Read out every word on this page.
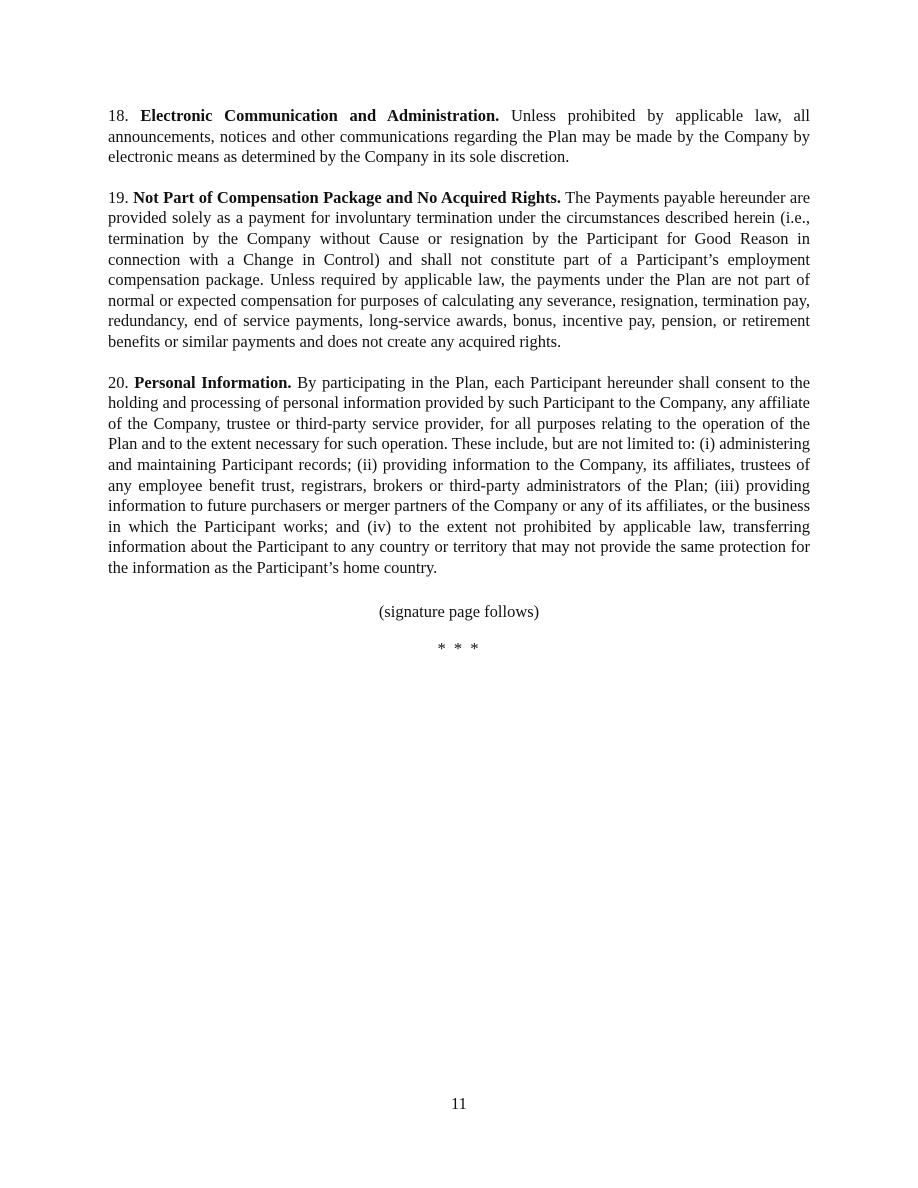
18. Electronic Communication and Administration. Unless prohibited by applicable law, all announcements, notices and other communications regarding the Plan may be made by the Company by electronic means as determined by the Company in its sole discretion.

19. Not Part of Compensation Package and No Acquired Rights. The Payments payable hereunder are provided solely as a payment for involuntary termination under the circumstances described herein (i.e., termination by the Company without Cause or resignation by the Participant for Good Reason in connection with a Change in Control) and shall not constitute part of a Participant’s employment compensation package. Unless required by applicable law, the payments under the Plan are not part of normal or expected compensation for purposes of calculating any severance, resignation, termination pay, redundancy, end of service payments, long-service awards, bonus, incentive pay, pension, or retirement benefits or similar payments and does not create any acquired rights.

20. Personal Information. By participating in the Plan, each Participant hereunder shall consent to the holding and processing of personal information provided by such Participant to the Company, any affiliate of the Company, trustee or third-party service provider, for all purposes relating to the operation of the Plan and to the extent necessary for such operation. These include, but are not limited to: (i) administering and maintaining Participant records; (ii) providing information to the Company, its affiliates, trustees of any employee benefit trust, registrars, brokers or third-party administrators of the Plan; (iii) providing information to future purchasers or merger partners of the Company or any of its affiliates, or the business in which the Participant works; and (iv) to the extent not prohibited by applicable law, transferring information about the Participant to any country or territory that may not provide the same protection for the information as the Participant’s home country.

(signature page follows)

* * *

11
